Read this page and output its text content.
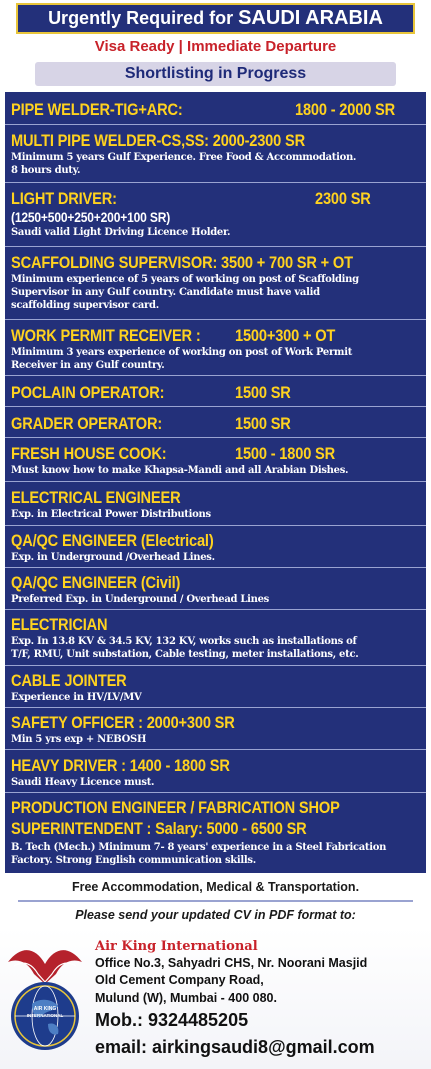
Urgently Required for SAUDI ARABIA
Visa Ready | Immediate Departure
Shortlisting in Progress
PIPE WELDER-TIG+ARC:	1800 - 2000 SR
MULTI PIPE WELDER-CS,SS: 2000-2300 SR
Minimum 5 years Gulf Experience. Free Food & Accommodation.
8 hours duty.
LIGHT DRIVER:	2300 SR
(1250+500+250+200+100 SR)
Saudi valid Light Driving Licence Holder.
SCAFFOLDING SUPERVISOR: 3500 + 700 SR + OT
Minimum experience of 5 years of working on post of Scaffolding
Supervisor in any Gulf country. Candidate must have valid
scaffolding supervisor card.
WORK PERMIT RECEIVER :	1500+300 + OT
Minimum 3 years experience of working on post of Work Permit
Receiver in any Gulf country.
POCLAIN OPERATOR:	1500 SR
GRADER OPERATOR:	1500 SR
FRESH HOUSE COOK:	1500 - 1800 SR
Must know how to make Khapsa-Mandi and all Arabian Dishes.
ELECTRICAL ENGINEER
Exp. in Electrical Power Distributions
QA/QC ENGINEER (Electrical)
Exp. in Underground /Overhead Lines.
QA/QC ENGINEER (Civil)
Preferred Exp. in Underground / Overhead Lines
ELECTRICIAN
Exp. In 13.8 KV & 34.5 KV, 132 KV, works such as installations of
T/F, RMU, Unit substation, Cable testing, meter installations, etc.
CABLE JOINTER
Experience in HV/LV/MV
SAFETY OFFICER : 2000+300 SR
Min 5 yrs exp + NEBOSH
HEAVY DRIVER : 1400 - 1800 SR
Saudi Heavy Licence must.
PRODUCTION ENGINEER / FABRICATION SHOP
SUPERINTENDENT : Salary: 5000 - 6500 SR
B. Tech (Mech.) Minimum 7- 8 years' experience in a Steel Fabrication
Factory. Strong English communication skills.
Free Accommodation, Medical & Transportation.
Please send your updated CV in PDF format to:
AIR KING
INTERNATIONAL
Air King International
Office No.3, Sahyadri CHS, Nr. Noorani Masjid
Old Cement Company Road,
Mulund (W), Mumbai - 400 080.
Mob.: 9324485205
email: airkingsaudi8@gmail.com
